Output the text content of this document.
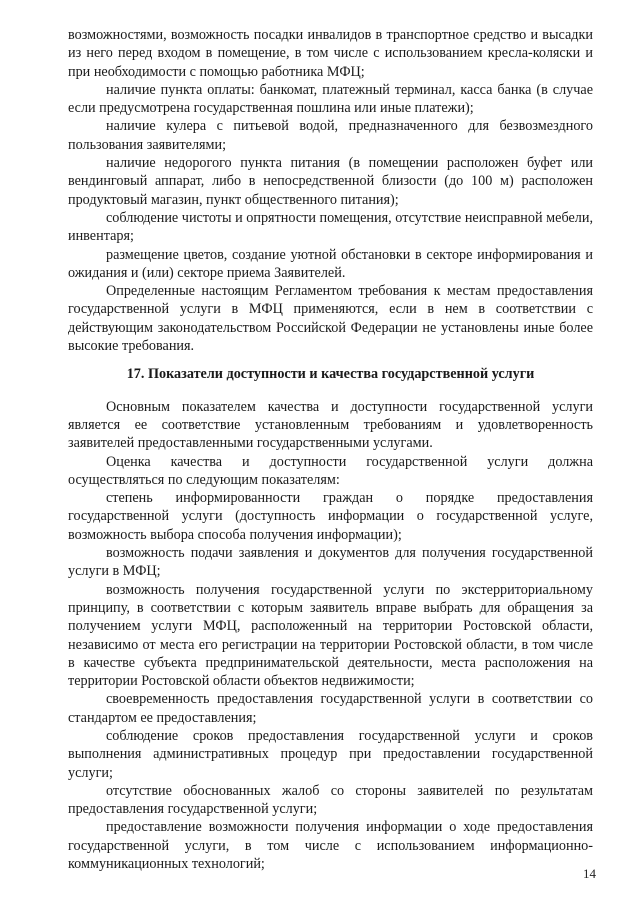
возможностями, возможность посадки инвалидов в транспортное средство и высадки из него перед входом в помещение, в том числе с использованием кресла-коляски и при необходимости с помощью работника МФЦ;

наличие пункта оплаты: банкомат, платежный терминал, касса банка (в случае если предусмотрена государственная пошлина или иные платежи);

наличие кулера с питьевой водой, предназначенного для безвозмездного пользования заявителями;

наличие недорогого пункта питания (в помещении расположен буфет или вендинговый аппарат, либо в непосредственной близости (до 100 м) расположен продуктовый магазин, пункт общественного питания);

соблюдение чистоты и опрятности помещения, отсутствие неисправной мебели, инвентаря;

размещение цветов, создание уютной обстановки в секторе информирования и ожидания и (или) секторе приема Заявителей.

Определенные настоящим Регламентом требования к местам предоставления государственной услуги в МФЦ применяются, если в нем в соответствии с действующим законодательством Российской Федерации не установлены иные более высокие требования.

17. Показатели доступности и качества государственной услуги

Основным показателем качества и доступности государственной услуги является ее соответствие установленным требованиям и удовлетворенность заявителей предоставленными государственными услугами.

Оценка качества и доступности государственной услуги должна осуществляться по следующим показателям:

степень информированности граждан о порядке предоставления государственной услуги (доступность информации о государственной услуге, возможность выбора способа получения информации);

возможность подачи заявления и документов для получения государственной услуги в МФЦ;

возможность получения государственной услуги по экстерриториальному принципу, в соответствии с которым заявитель вправе выбрать для обращения за получением услуги МФЦ, расположенный на территории Ростовской области, независимо от места его регистрации на территории Ростовской области, в том числе в качестве субъекта предпринимательской деятельности, места расположения на территории Ростовской области объектов недвижимости;

своевременность предоставления государственной услуги в соответствии со стандартом ее предоставления;

соблюдение сроков предоставления государственной услуги и сроков выполнения административных процедур при предоставлении государственной услуги;

отсутствие обоснованных жалоб со стороны заявителей по результатам предоставления государственной услуги;

предоставление возможности получения информации о ходе предоставления государственной услуги, в том числе с использованием информационно-коммуникационных технологий;

14
